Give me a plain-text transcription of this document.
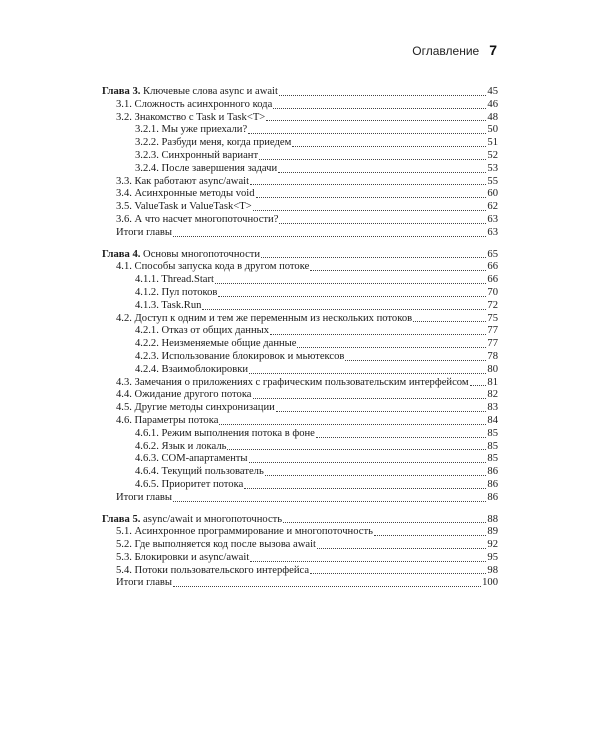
Оглавление 7
Глава 3. Ключевые слова async и await	45
3.1. Сложность асинхронного кода	46
3.2. Знакомство с Task и Task<T>	48
3.2.1. Мы уже приехали?	50
3.2.2. Разбуди меня, когда приедем	51
3.2.3. Синхронный вариант	52
3.2.4. После завершения задачи	53
3.3. Как работают async/await	55
3.4. Асинхронные методы void	60
3.5. ValueTask и ValueTask<T>	62
3.6. А что насчет многопоточности?	63
Итоги главы	63
Глава 4. Основы многопоточности	65
4.1. Способы запуска кода в другом потоке	66
4.1.1. Thread.Start	66
4.1.2. Пул потоков	70
4.1.3. Task.Run	72
4.2. Доступ к одним и тем же переменным из нескольких потоков	75
4.2.1. Отказ от общих данных	77
4.2.2. Неизменяемые общие данные	77
4.2.3. Использование блокировок и мьютексов	78
4.2.4. Взаимоблокировки	80
4.3. Замечания о приложениях с графическим пользовательским интерфейсом 81
4.4. Ожидание другого потока	82
4.5. Другие методы синхронизации	83
4.6. Параметры потока	84
4.6.1. Режим выполнения потока в фоне	85
4.6.2. Язык и локаль	85
4.6.3. COM-апартаменты	85
4.6.4. Текущий пользователь	86
4.6.5. Приоритет потока	86
Итоги главы	86
Глава 5. async/await и многопоточность	88
5.1. Асинхронное программирование и многопоточность	89
5.2. Где выполняется код после вызова await	92
5.3. Блокировки и async/await	95
5.4. Потоки пользовательского интерфейса	98
Итоги главы	100
